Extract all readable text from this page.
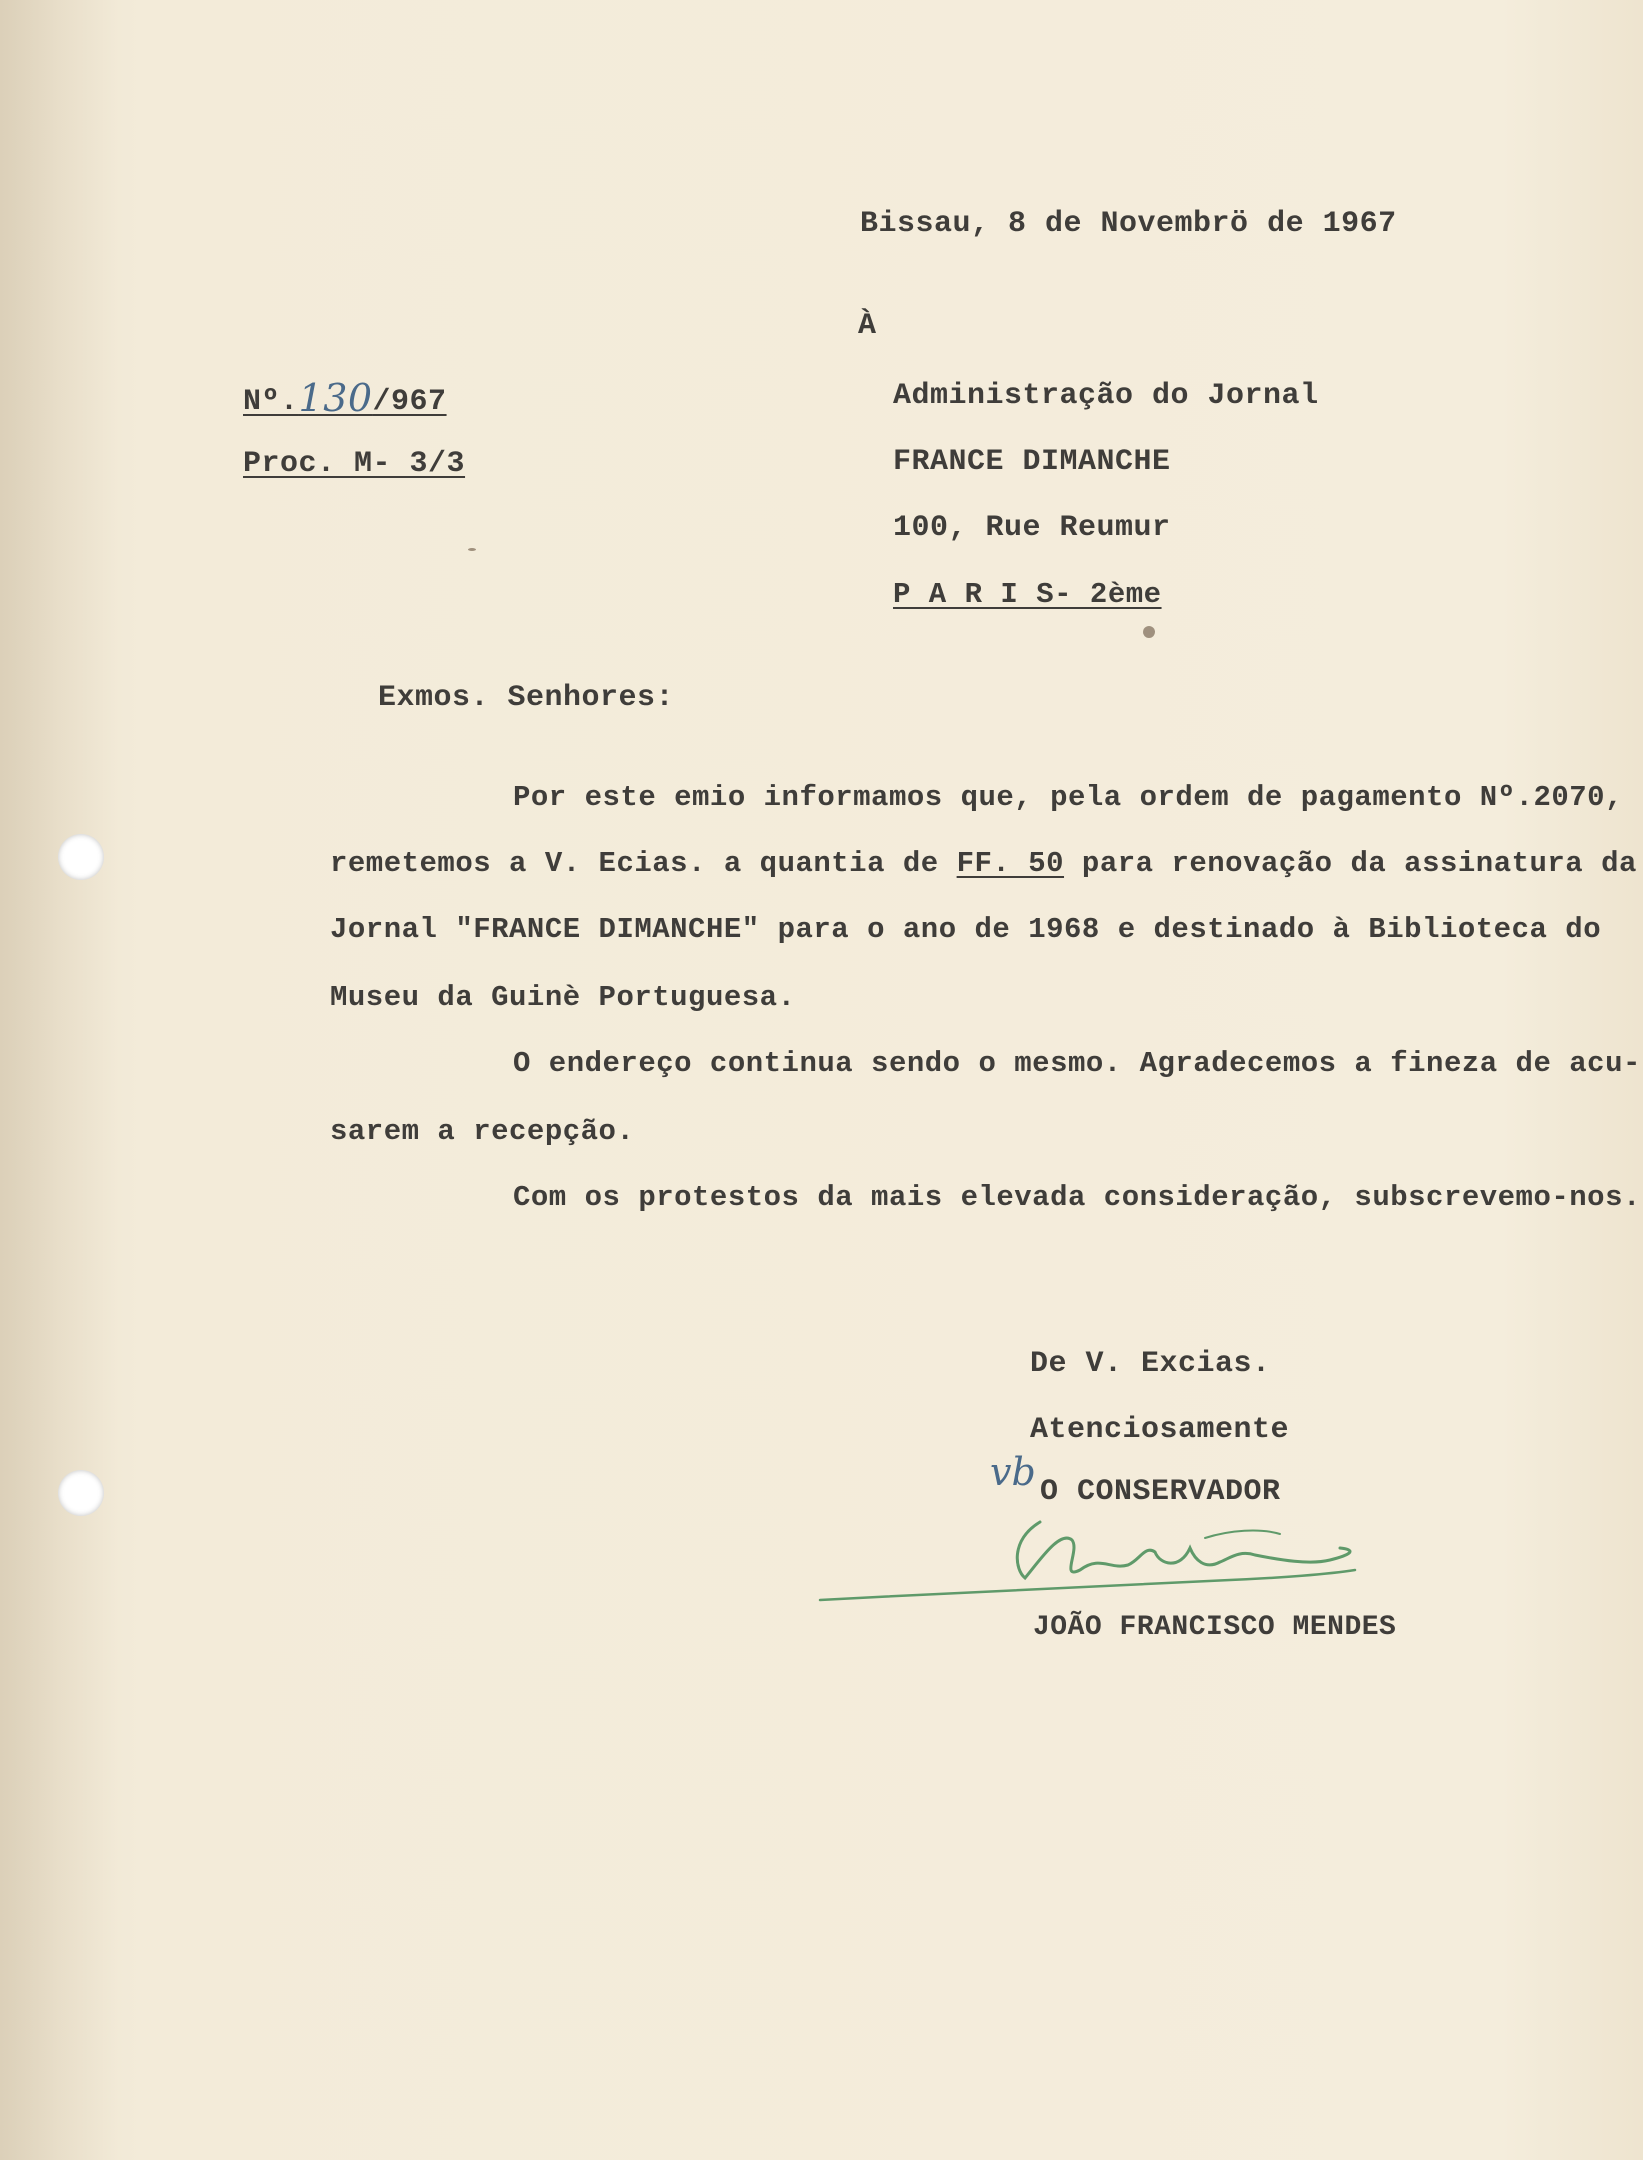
Bissau, 8 de Novembrö de 1967
À
Nº.130/967
Proc. M- 3/3
Administração do Jornal
FRANCE DIMANCHE
100, Rue Reumur
P A R I S- 2ème
Exmos. Senhores:
Por este emio informamos que, pela ordem de pagamento Nº.2070,
remetemos a V. Ecias. a quantia de FF. 50 para renovação da assinatura da
Jornal "FRANCE DIMANCHE" para o ano de 1968 e destinado à Biblioteca do
Museu da Guinè Portuguesa.
O endereço continua sendo o mesmo. Agradecemos a fineza de acu-
sarem a recepção.
Com os protestos da mais elevada consideração, subscrevemo-nos.
De V. Excias.
Atenciosamente
vb O CONSERVADOR
JOÃO FRANCISCO MENDES
